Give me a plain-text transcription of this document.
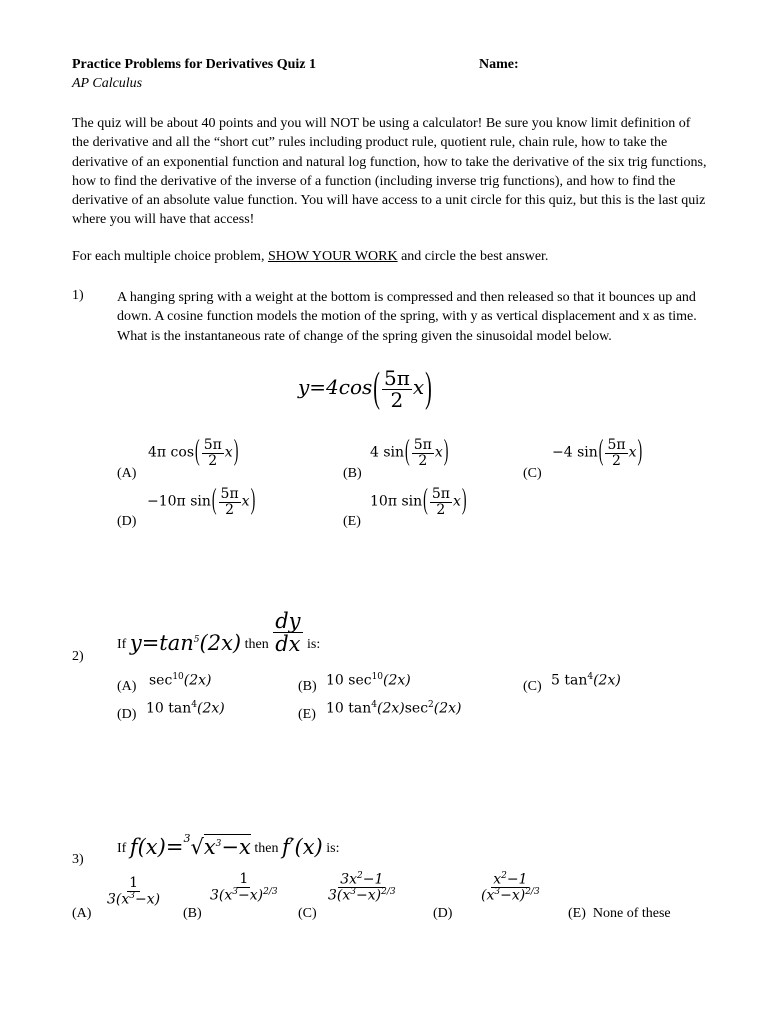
Practice Problems for Derivatives Quiz 1	Name:
AP Calculus

The quiz will be about 40 points and you will NOT be using a calculator! Be sure you know limit definition of the derivative and all the “short cut” rules including product rule, quotient rule, chain rule, how to take the derivative of an exponential function and natural log function, how to take the derivative of the six trig functions, how to find the derivative of the inverse of a function (including inverse trig functions), and how to find the derivative of an absolute value function. You will have access to a unit circle for this quiz, but this is the last quiz where you will have that access!

For each multiple choice problem, SHOW YOUR WORK and circle the best answer.
1) A hanging spring with a weight at the bottom is compressed and then released so that it bounces up and down. A cosine function models the motion of the spring, with y as vertical displacement and x as time. What is the instantaneous rate of change of the spring given the sinusoidal model below.

$y=4\cos( \frac{5\pi}{2} x)$
(A)
4π $\cos( \frac{5\pi}{2} x)$
(B)
4 $\sin( \frac{5\pi}{2} x)$
(C)
−4 $\sin( \frac{5\pi}{2} x)$
(D)
−10π $\sin( \frac{5\pi}{2} x)$
(E)
10π $\sin( \frac{5\pi}{2} x)$
2)
If $y=\tan^5(2x)$ then $\frac{dy}{dx}$ is:
(A) $\sec^{10}(2x)$	(B) 10 $\sec^{10}(2x)$	(C) 5 $\tan^4(2x)$
(D) 10 $\tan^4(2x)$	(E) 10 $\tan^4(2x)\sec^2(2x)$
3)
If $f(x)=^3√x^3-x$ then f′(x) is:
(A)
$\frac{1}{3(x^3-x)}$
(B)
$\frac{1}{3(x^3-x)^{2/3}}$
(C)
$\frac{3x^2-1}{3(x^3-x)^{2/3}}$
(D)
$\frac{x^2-1}{(x^3-x)^{2/3}}$
(E) None of these
